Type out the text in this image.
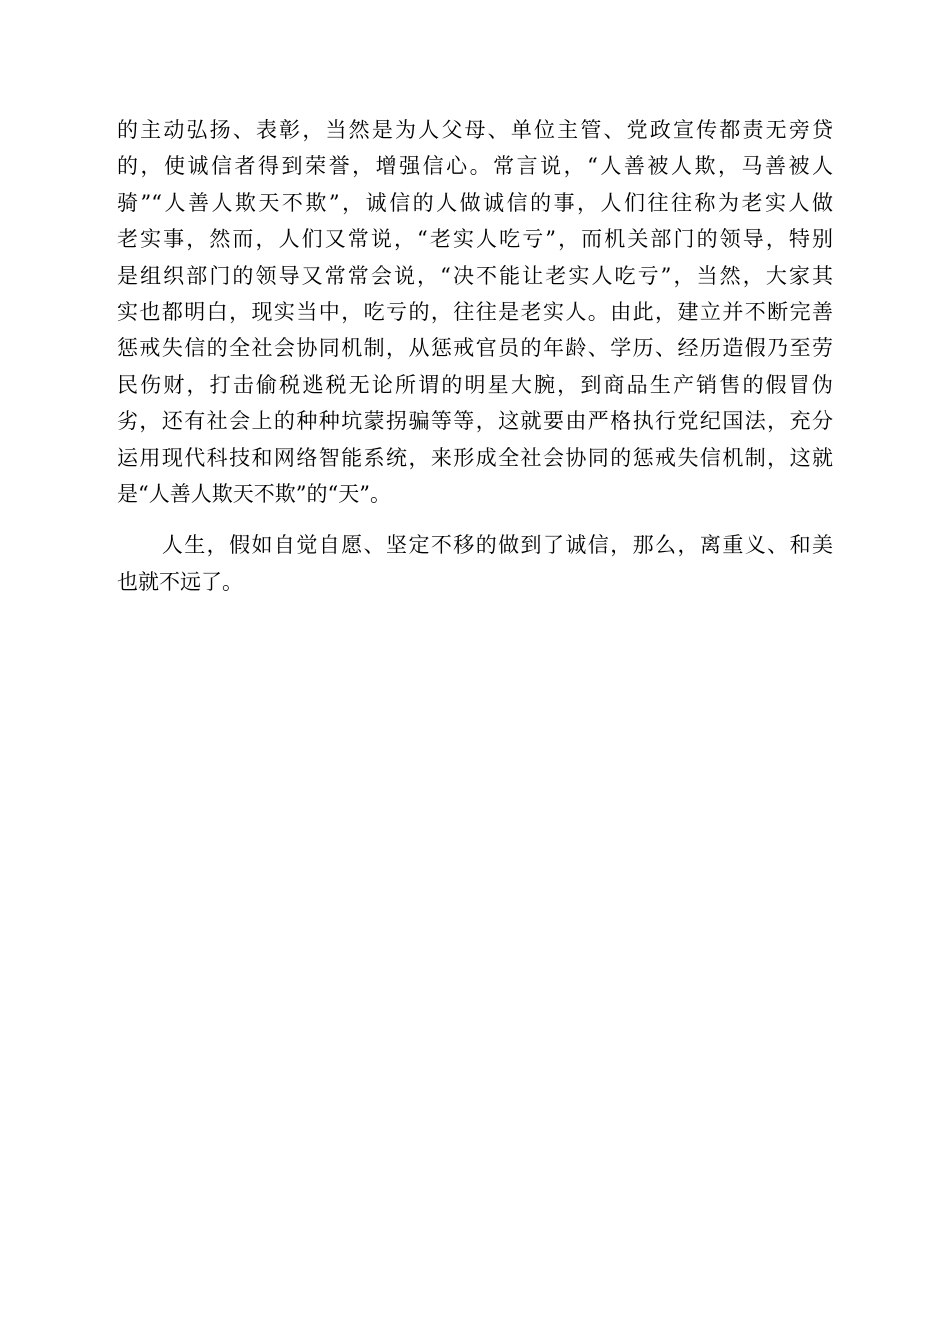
的主动弘扬、表彰，当然是为人父母、单位主管、党政宣传都责无旁贷
的，使诚信者得到荣誉，增强信心。常言说，“人善被人欺，马善被人
骑”“人善人欺天不欺”，诚信的人做诚信的事，人们往往称为老实人做
老实事，然而，人们又常说，“老实人吃亏”，而机关部门的领导，特别
是组织部门的领导又常常会说，“决不能让老实人吃亏”，当然，大家其
实也都明白，现实当中，吃亏的，往往是老实人。由此，建立并不断完善
惩戒失信的全社会协同机制，从惩戒官员的年龄、学历、经历造假乃至劳
民伤财，打击偷税逃税无论所谓的明星大腕，到商品生产销售的假冒伪
劣，还有社会上的种种坑蒙拐骗等等，这就要由严格执行党纪国法，充分
运用现代科技和网络智能系统，来形成全社会协同的惩戒失信机制，这就
是“人善人欺天不欺”的“天”。
　　人生，假如自觉自愿、坚定不移的做到了诚信，那么，离重义、和美
也就不远了。
